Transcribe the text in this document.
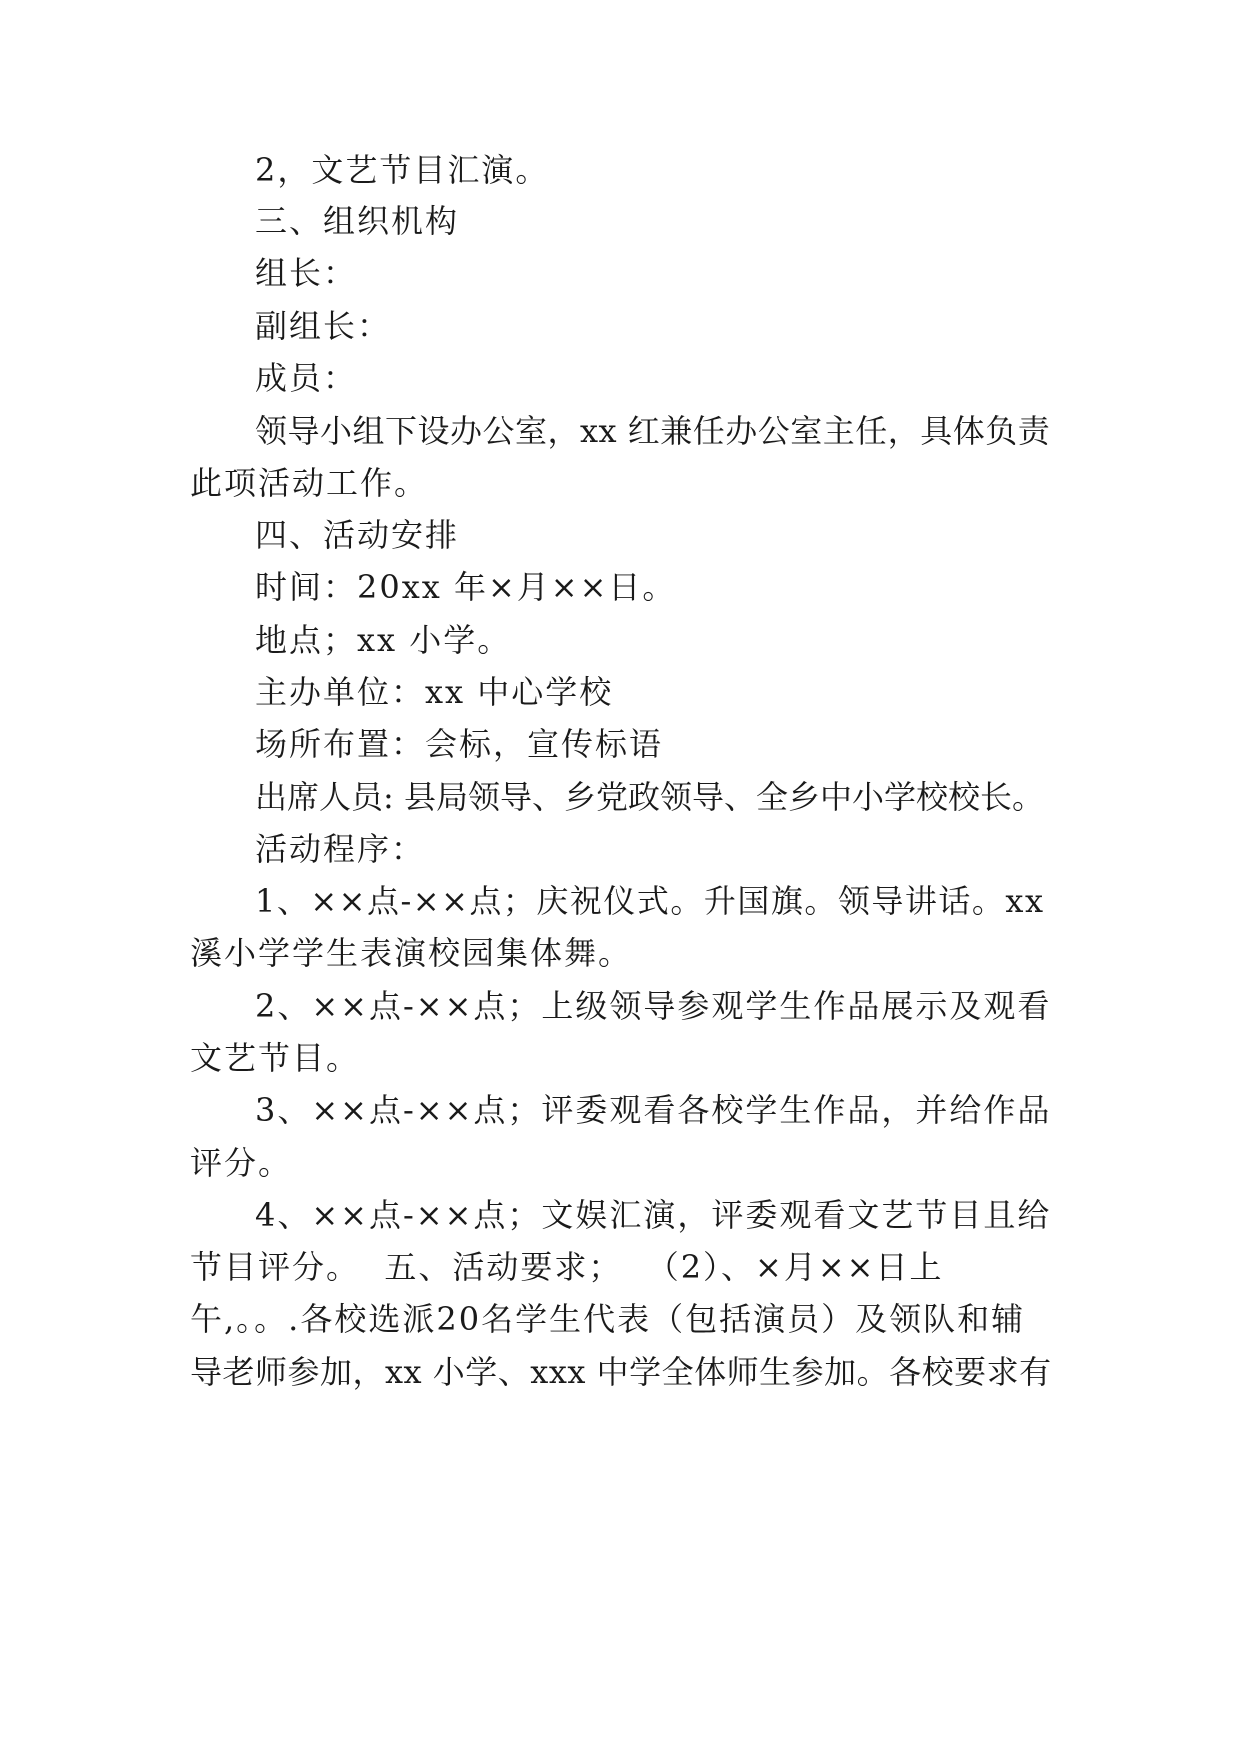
2，文艺节目汇演。
三、组织机构
组长：
副组长：
成员：
领导小组下设办公室，xx 红兼任办公室主任，具体负责
此项活动工作。
四、活动安排
时间：20xx 年×月××日。
地点；xx 小学。
主办单位：xx 中心学校
场所布置：会标，宣传标语
出席人员: 县局领导、乡党政领导、全乡中小学校校长。
活动程序：
1、××点-××点；庆祝仪式。升国旗。领导讲话。xx
溪小学学生表演校园集体舞。
2、××点-××点；上级领导参观学生作品展示及观看
文艺节目。
3、××点-××点；评委观看各校学生作品，并给作品
评分。
4、××点-××点；文娱汇演，评委观看文艺节目且给
节目评分。  五、活动要求；  （2）、×月××日上
午,。。.各校选派20名学生代表（包括演员）及领队和辅
导老师参加，xx 小学、xxx 中学全体师生参加。各校要求有
